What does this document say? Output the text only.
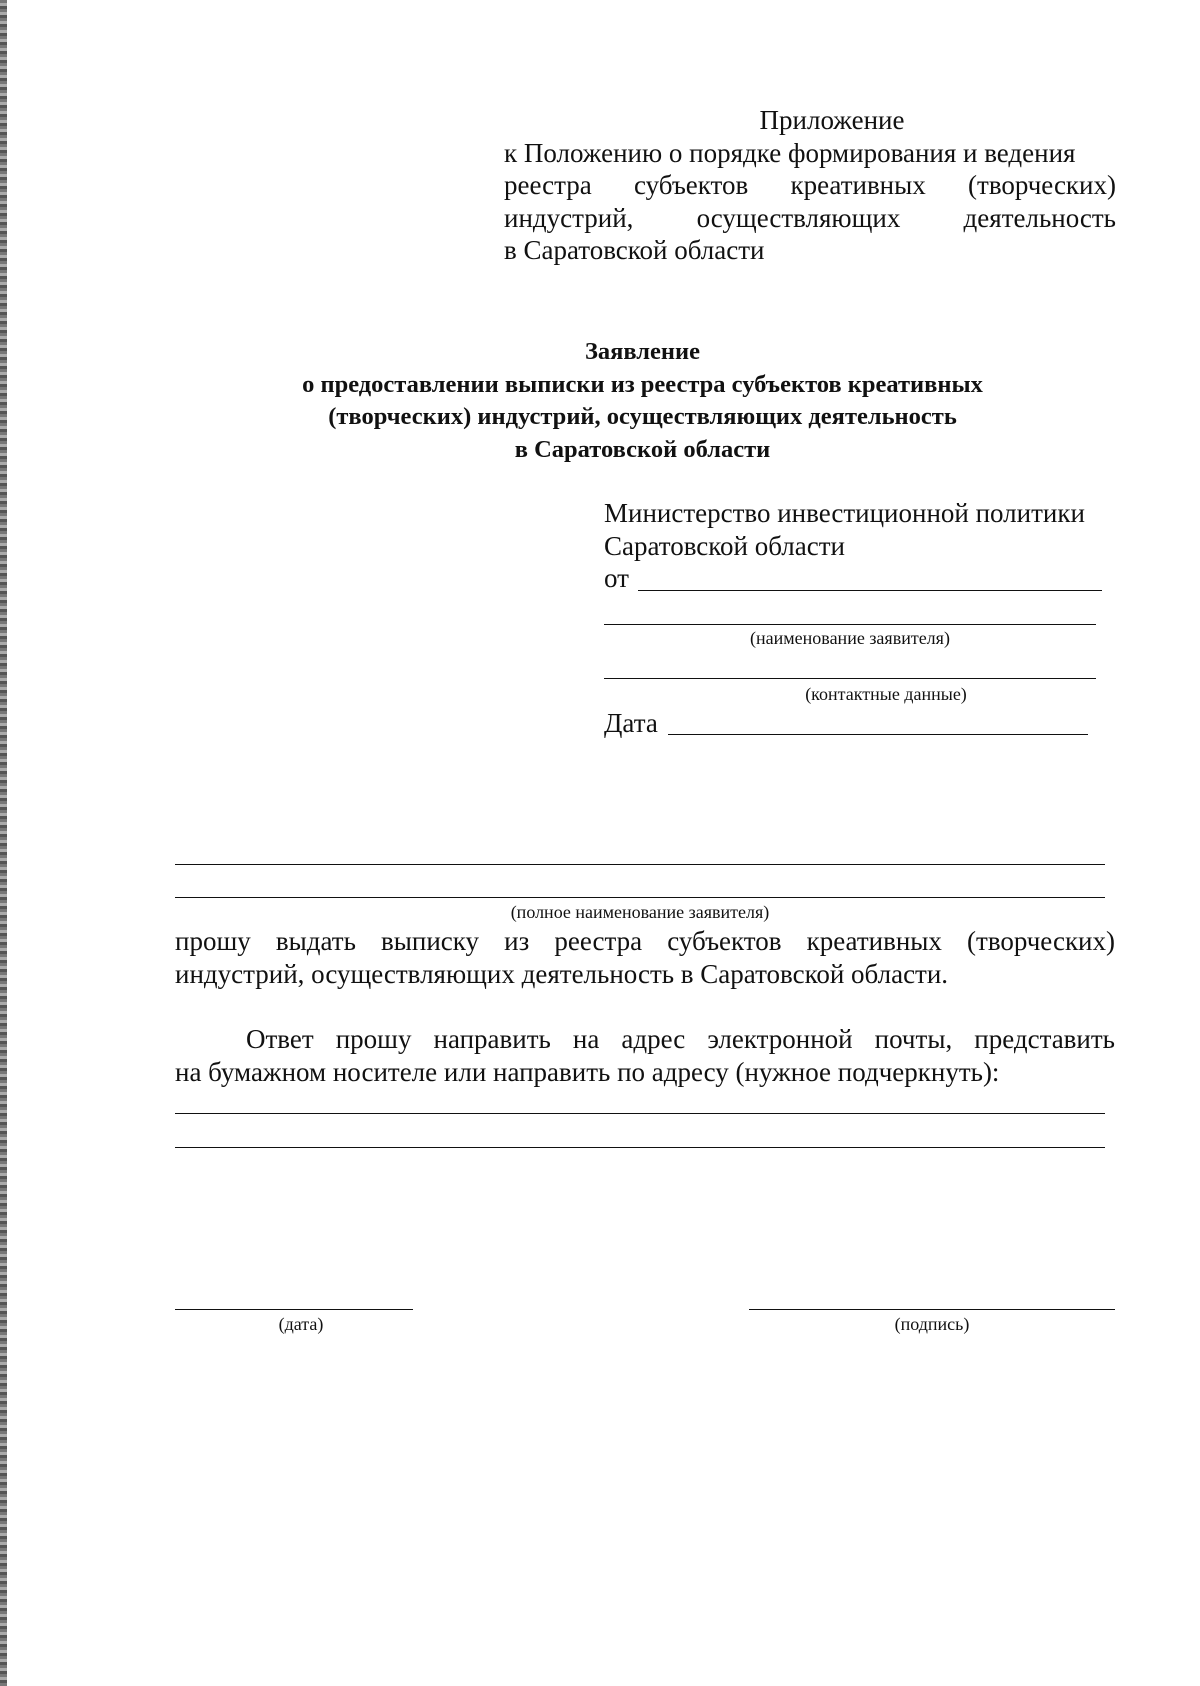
Приложение
к Положению о порядке формирования и ведения
реестра субъектов креативных (творческих)
индустрий, осуществляющих деятельность
в Саратовской области
Заявление
о предоставлении выписки из реестра субъектов креативных
(творческих) индустрий, осуществляющих деятельность
в Саратовской области
Министерство инвестиционной политики
Саратовской области
от
(наименование заявителя)
(контактные данные)
Дата
(полное наименование заявителя)
прошу выдать выписку из реестра субъектов креативных (творческих)
индустрий, осуществляющих деятельность в Саратовской области.
Ответ прошу направить на адрес электронной почты, представить
на бумажном носителе или направить по адресу (нужное подчеркнуть):
(дата)	(подпись)
